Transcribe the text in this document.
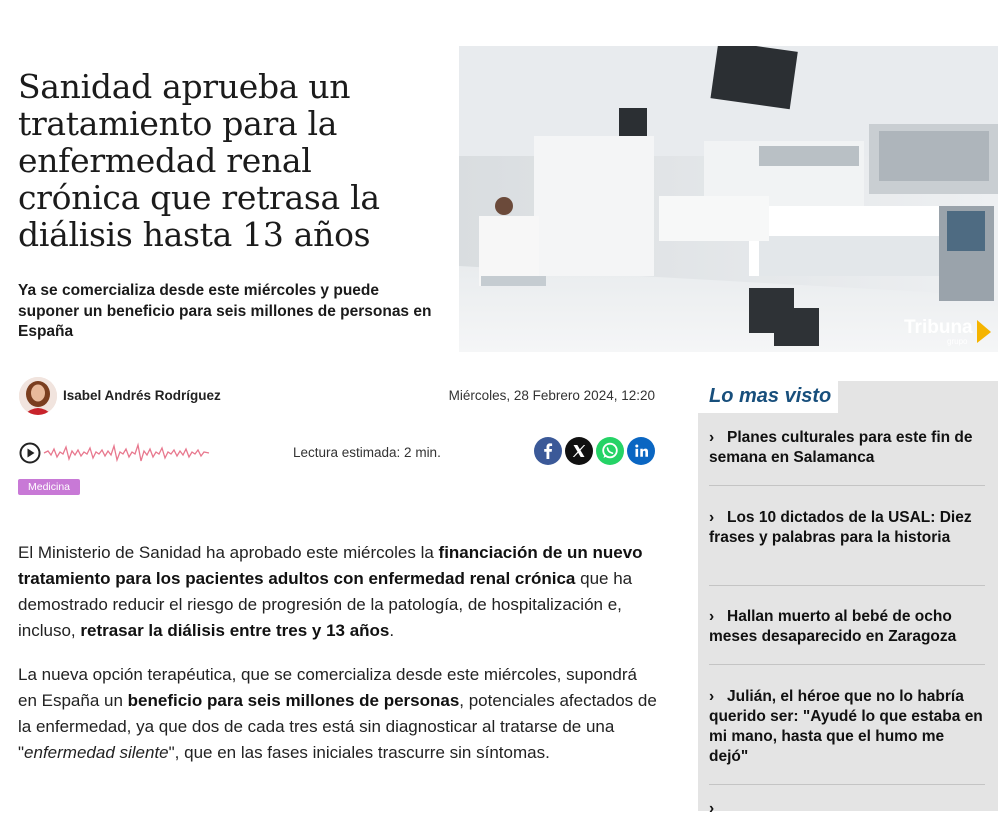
Sanidad aprueba un tratamiento para la enfermedad renal crónica que retrasa la diálisis hasta 13 años

Ya se comercializa desde este miércoles y puede suponer un beneficio para seis millones de personas en España	Tribuna
grupo
Isabel Andrés Rodríguez	Miércoles, 28 Febrero 2024, 12:20
Lectura estimada: 2 min.
Medicina

El Ministerio de Sanidad ha aprobado este miércoles la financiación de un nuevo tratamiento para los pacientes adultos con enfermedad renal crónica que ha demostrado reducir el riesgo de progresión de la patología, de hospitalización e, incluso, retrasar la diálisis entre tres y 13 años.

La nueva opción terapéutica, que se comercializa desde este miércoles, supondrá en España un beneficio para seis millones de personas, potenciales afectados de la enfermedad, ya que dos de cada tres está sin diagnosticar al tratarse de una "enfermedad silente", que en las fases iniciales trascurre sin síntomas.

Lo mas visto
› Planes culturales para este fin de semana en Salamanca
› Los 10 dictados de la USAL: Diez frases y palabras para la historia
› Hallan muerto al bebé de ocho meses desaparecido en Zaragoza
› Julián, el héroe que no lo habría querido ser: "Ayudé lo que estaba en mi mano, hasta que el humo me dejó"
›
